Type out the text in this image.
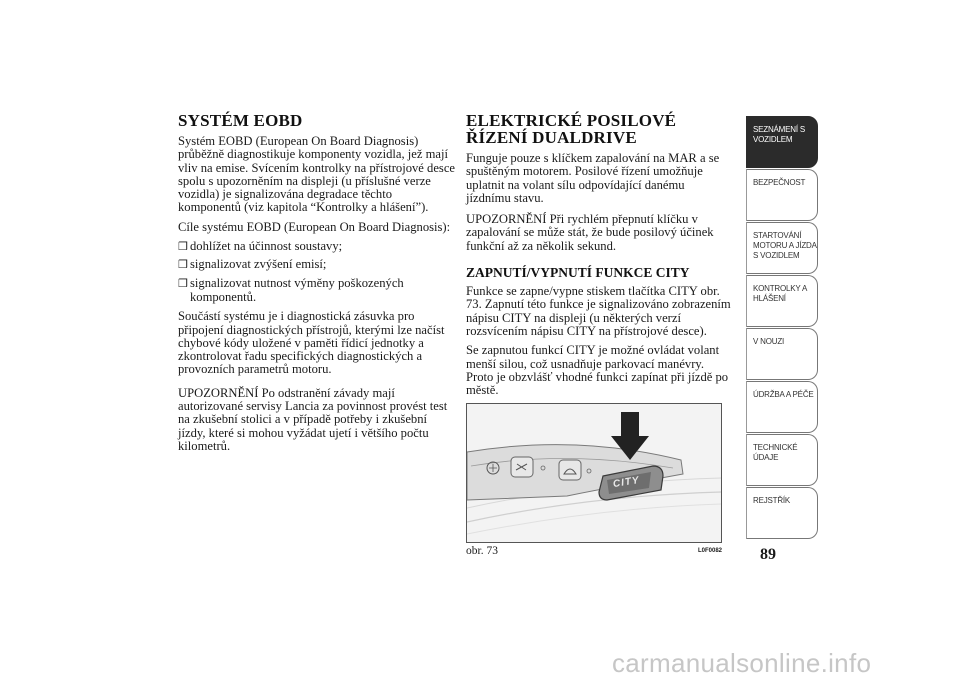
SYSTÉM EOBD

Systém EOBD (European On Board Diagnosis) průběžně diagnostikuje komponenty vozidla, jež mají vliv na emise. Svícením kontrolky na přístrojové desce spolu s upozorněním na displeji (u příslušné verze vozidla) je signalizována degradace těchto komponentů (viz kapitola “Kontrolky a hlášení”).

Cíle systému EOBD (European On Board Diagnosis):

❒ dohlížet na účinnost soustavy;
❒ signalizovat zvýšení emisí;
❒ signalizovat nutnost výměny poškozených komponentů.

Součástí systému je i diagnostická zásuvka pro připojení diagnostických přístrojů, kterými lze načíst chybové kódy uložené v paměti řídicí jednotky a zkontrolovat řadu specifických diagnostických a provozních parametrů motoru.

UPOZORNĚNÍ Po odstranění závady mají autorizované servisy Lancia za povinnost provést test na zkušební stolici a v případě potřeby i zkušební jízdy, které si mohou vyžádat ujetí i většího počtu kilometrů.

ELEKTRICKÉ POSILOVÉ ŘÍZENÍ DUALDRIVE

Funguje pouze s klíčkem zapalování na MAR a se spuštěným motorem. Posilové řízení umožňuje uplatnit na volant sílu odpovídající danému jízdnímu stavu.

UPOZORNĚNÍ Při rychlém přepnutí klíčku v zapalování se může stát, že bude posilový účinek funkční až za několik sekund.

ZAPNUTÍ/VYPNUTÍ FUNKCE CITY

Funkce se zapne/vypne stiskem tlačítka CITY obr. 73. Zapnutí této funkce je signalizováno zobrazením nápisu CITY na displeji (u některých verzí rozsvícením nápisu CITY na přístrojové desce).

Se zapnutou funkcí CITY je možné ovládat volant menší silou, což usnadňuje parkovací manévry. Proto je obzvlášť vhodné funkci zapínat při jízdě po městě.

CITY
obr. 73	L0F0082
SEZNÁMENÍ S VOZIDLEM
BEZPEČNOST
STARTOVÁNÍ MOTORU A JÍZDA S VOZIDLEM
KONTROLKY A HLÁŠENÍ
V NOUZI
ÚDRŽBA A PÉČE
TECHNICKÉ ÚDAJE
REJSTŘÍK
89
carmanualsonline.info
